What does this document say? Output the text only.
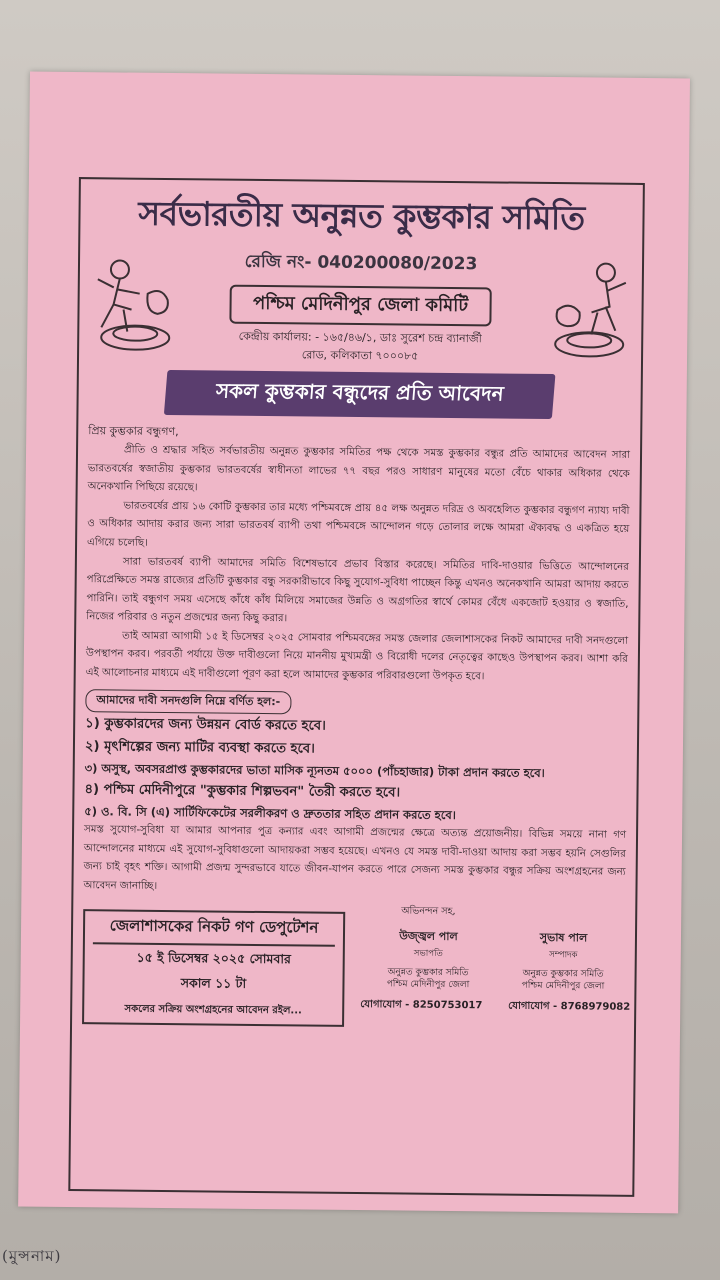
সর্বভারতীয় অনুন্নত কুম্ভকার সমিতি
রেজি নং- 040200080/2023
পশ্চিম মেদিনীপুর জেলা কমিটি
কেন্দ্রীয় কার্যালয়: - ১৬৫/৪৬/১, ডাঃ সুরেশ চন্দ্র ব্যানার্জী
রোড, কলিকাতা ৭০০০৮৫
সকল কুম্ভকার বন্ধুদের প্রতি আবেদন
প্রিয় কুম্ভকার বন্ধুগণ,

প্রীতি ও শ্রদ্ধার সহিত সর্বভারতীয় অনুন্নত কুম্ভকার সমিতির পক্ষ থেকে সমস্ত কুম্ভকার বন্ধুর প্রতি আমাদের আবেদন সারা ভারতবর্ষের স্বজাতীয় কুম্ভকার ভারতবর্ষের স্বাধীনতা লাভের ৭৭ বছর পরও সাধারণ মানুষের মতো বেঁচে থাকার অধিকার থেকে অনেকখানি পিছিয়ে রয়েছে।

ভারতবর্ষের প্রায় ১৬ কোটি কুম্ভকার তার মধ্যে পশ্চিমবঙ্গে প্রায় ৪৫ লক্ষ অনুন্নত দরিদ্র ও অবহেলিত কুম্ভকার বন্ধুগণ ন্যায্য দাবী ও অধিকার আদায় করার জন্য সারা ভারতবর্ষ ব্যাপী তথা পশ্চিমবঙ্গে আন্দোলন গড়ে তোলার লক্ষে আমরা ঐক্যবদ্ধ ও একত্রিত হয়ে এগিয়ে চলেছি।

সারা ভারতবর্ষ ব্যাপী আমাদের সমিতি বিশেষভাবে প্রভাব বিস্তার করেছে। সমিতির দাবি-দাওয়ার ভিত্তিতে আন্দোলনের পরিপ্রেক্ষিতে সমস্ত রাজ্যের প্রতিটি কুম্ভকার বন্ধু সরকারীভাবে কিছু সুযোগ-সুবিধা পাচ্ছেন কিন্তু এখনও অনেকখানি আমরা আদায় করতে পারিনি। তাই বন্ধুগণ সময় এসেছে কাঁধে কাঁধ মিলিয়ে সমাজের উন্নতি ও অগ্রগতির স্বার্থে কোমর বেঁধে একজোট হওয়ার ও স্বজাতি, নিজের পরিবার ও নতুন প্রজন্মের জন্য কিছু করার।

তাই আমরা আগামী ১৫ ই ডিসেম্বর ২০২৫ সোমবার পশ্চিমবঙ্গের সমস্ত জেলার জেলাশাসকের নিকট আমাদের দাবী সনদগুলো উপস্থাপন করব। পরবর্তী পর্যায়ে উক্ত দাবীগুলো নিয়ে মাননীয় মুখ্যমন্ত্রী ও বিরোধী দলের নেতৃত্বের কাছেও উপস্থাপন করব। আশা করি এই আলোচনার মাধ্যমে এই দাবীগুলো পূরণ করা হলে আমাদের কুম্ভকার পরিবারগুলো উপকৃত হবে।

আমাদের দাবী সনদগুলি নিম্নে বর্ণিত হল:-
১) কুম্ভকারদের জন্য উন্নয়ন বোর্ড করতে হবে।
২) মৃৎশিল্পের জন্য মাটির ব্যবস্থা করতে হবে।
৩) অসুস্থ, অবসরপ্রাপ্ত কুম্ভকারদের ভাতা মাসিক ন্যূনতম ৫০০০ (পাঁচহাজার) টাকা প্রদান করতে হবে।
৪) পশ্চিম মেদিনীপুরে "কুম্ভকার শিল্পভবন" তৈরী করতে হবে।
৫) ও. বি. সি (এ) সার্টিফিকেটের সরলীকরণ ও দ্রুততার সহিত প্রদান করতে হবে।

সমস্ত সুযোগ-সুবিধা যা আমার আপনার পুত্র কন্যার এবং আগামী প্রজন্মের ক্ষেত্রে অত্যন্ত প্রয়োজনীয়। বিভিন্ন সময়ে নানা গণ আন্দোলনের মাধ্যমে এই সুযোগ-সুবিধাগুলো আদায়করা সম্ভব হয়েছে। এখনও যে সমস্ত দাবী-দাওয়া আদায় করা সম্ভব হয়নি সেগুলির জন্য চাই বৃহৎ শক্তি। আগামী প্রজন্ম সুন্দরভাবে যাতে জীবন-যাপন করতে পারে সেজন্য সমস্ত কুম্ভকার বন্ধুর সক্রিয় অংশগ্রহনের জন্য আবেদন জানাচ্ছি।

জেলাশাসকের নিকট গণ ডেপুটেশন
১৫ ই ডিসেম্বর ২০২৫ সোমবার
সকাল ১১ টা
সকলের সক্রিয় অংশগ্রহনের আবেদন রইল...
অভিনন্দন সহ,
উজ্জ্বল পাল
সভাপতি
অনুন্নত কুম্ভকার সমিতি
পশ্চিম মেদিনীপুর জেলা
সুভাষ পাল
সম্পাদক
অনুন্নত কুম্ভকার সমিতি
পশ্চিম মেদিনীপুর জেলা
যোগাযোগ - 8250753017	যোগাযোগ - 8768979082
(মুন্সনাম)
